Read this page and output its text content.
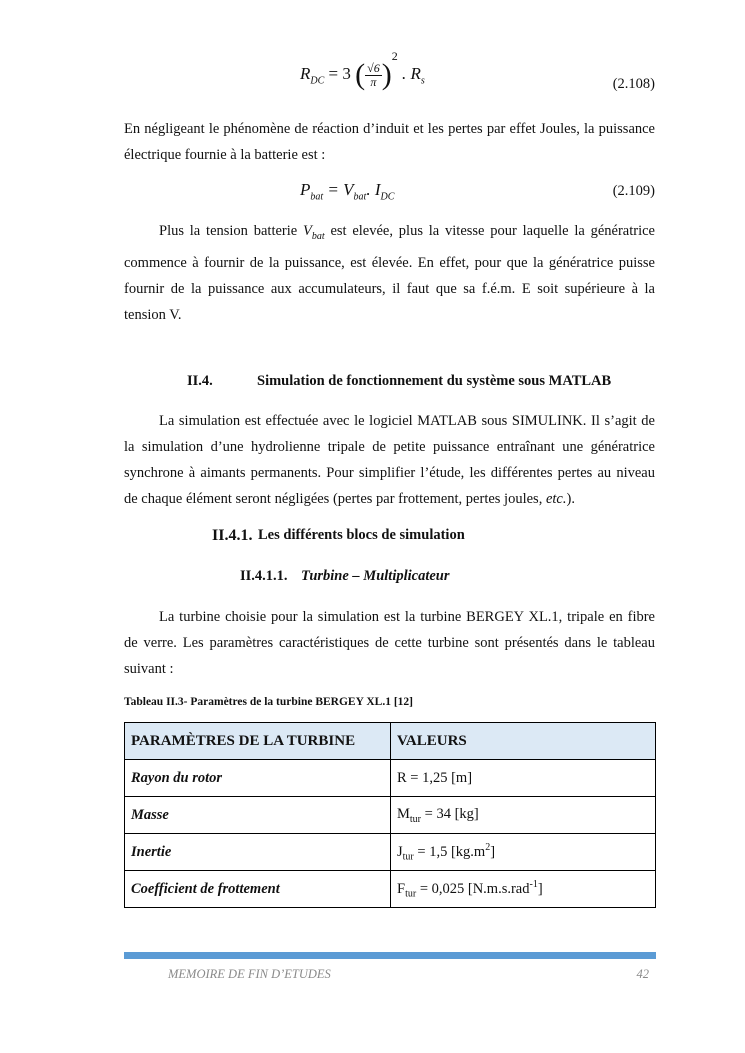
$R_{DC} = 3$ ( $\frac{√6}{\pi} )^2$ . $R_s$	(2.108)
En négligeant le phénomène de réaction d’induit et les pertes par effet Joules, la puissance électrique fournie à la batterie est :
$P_{bat} = V_{bat}$. $I_{DC}$	(2.109)
Plus la tension batterie $V_{bat}$ est elevée, plus la vitesse pour laquelle la génératrice commence à fournir de la puissance, est élevée. En effet, pour que la génératrice puisse fournir de la puissance aux accumulateurs, il faut que sa f.é.m. E soit supérieure à la tension V.
II.4.	Simulation de fonctionnement du système sous MATLAB
La simulation est effectuée avec le logiciel MATLAB sous SIMULINK. Il s’agit de la simulation d’une hydrolienne tripale de petite puissance entraînant une génératrice synchrone à aimants permanents. Pour simplifier l’étude, les différentes pertes au niveau de chaque élément seront négligées (pertes par frottement, pertes joules, etc.).
II.4.1. Les différents blocs de simulation
II.4.1.1. Turbine – Multiplicateur
La turbine choisie pour la simulation est la turbine BERGEY XL.1, tripale en fibre de verre. Les paramètres caractéristiques de cette turbine sont présentés dans le tableau suivant :
Tableau II.3- Paramètres de la turbine BERGEY XL.1 [12]
PARAMÈTRES DE LA TURBINE	VALEURS
Rayon du rotor	R = 1,25 [m]
Masse	$M_{tur} = 34$ [kg]
Inertie	$J_{tur} = 1,5$ $[kg.m^2]$
Coefficient de frottement	$F_{tur} = 0,025$ [N.m.s.rad$^{-1}$]
MEMOIRE DE FIN D’ETUDES	42
